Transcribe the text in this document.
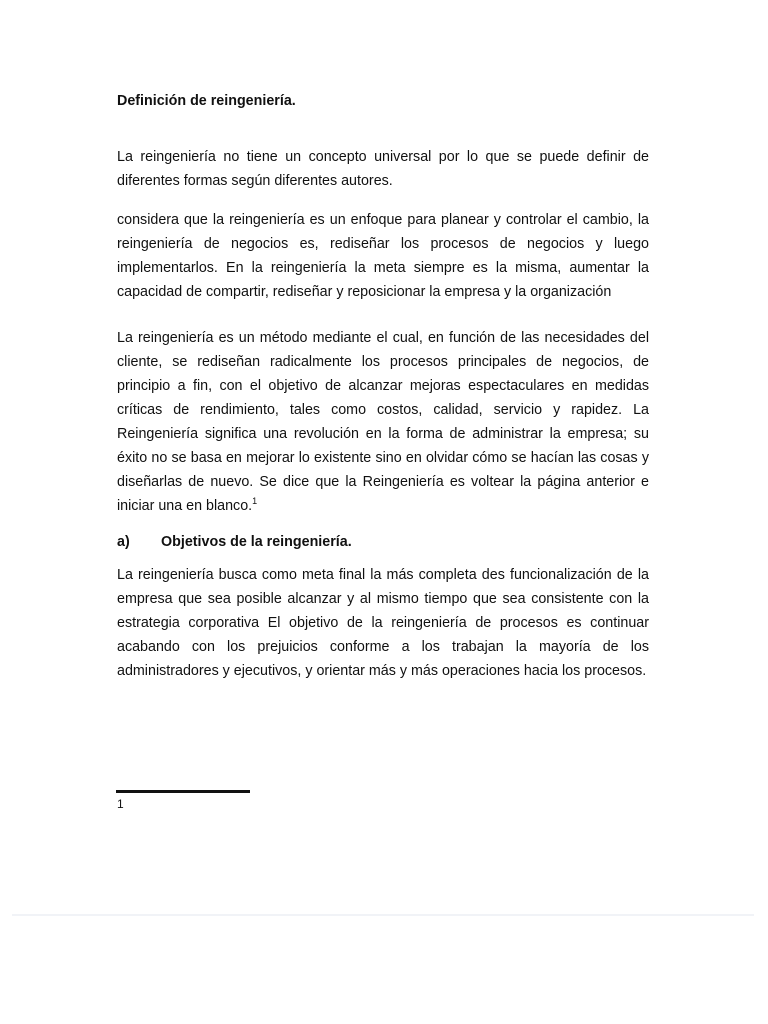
Definición de reingeniería.

La reingeniería no tiene un concepto universal por lo que se puede definir de diferentes formas según diferentes autores.

considera que la reingeniería es un enfoque para planear y controlar el cambio, la reingeniería de negocios es, rediseñar los procesos de negocios y luego implementarlos. En la reingeniería la meta siempre es la misma, aumentar la capacidad de compartir, rediseñar y reposicionar la empresa y la organización

La reingeniería es un método mediante el cual, en función de las necesidades del cliente, se rediseñan radicalmente los procesos principales de negocios, de principio a fin, con el objetivo de alcanzar mejoras espectaculares en medidas críticas de rendimiento, tales como costos, calidad, servicio y rapidez. La Reingeniería significa una revolución en la forma de administrar la empresa; su éxito no se basa en mejorar lo existente sino en olvidar cómo se hacían las cosas y diseñarlas de nuevo. Se dice que la Reingeniería es voltear la página anterior e iniciar una en blanco.$^1$

a) Objetivos de la reingeniería.

La reingeniería busca como meta final la más completa des funcionalización de la empresa que sea posible alcanzar y al mismo tiempo que sea consistente con la estrategia corporativa El objetivo de la reingeniería de procesos es continuar acabando con los prejuicios conforme a los trabajan la mayoría de los administradores y ejecutivos, y orientar más y más operaciones hacia los procesos.

1
